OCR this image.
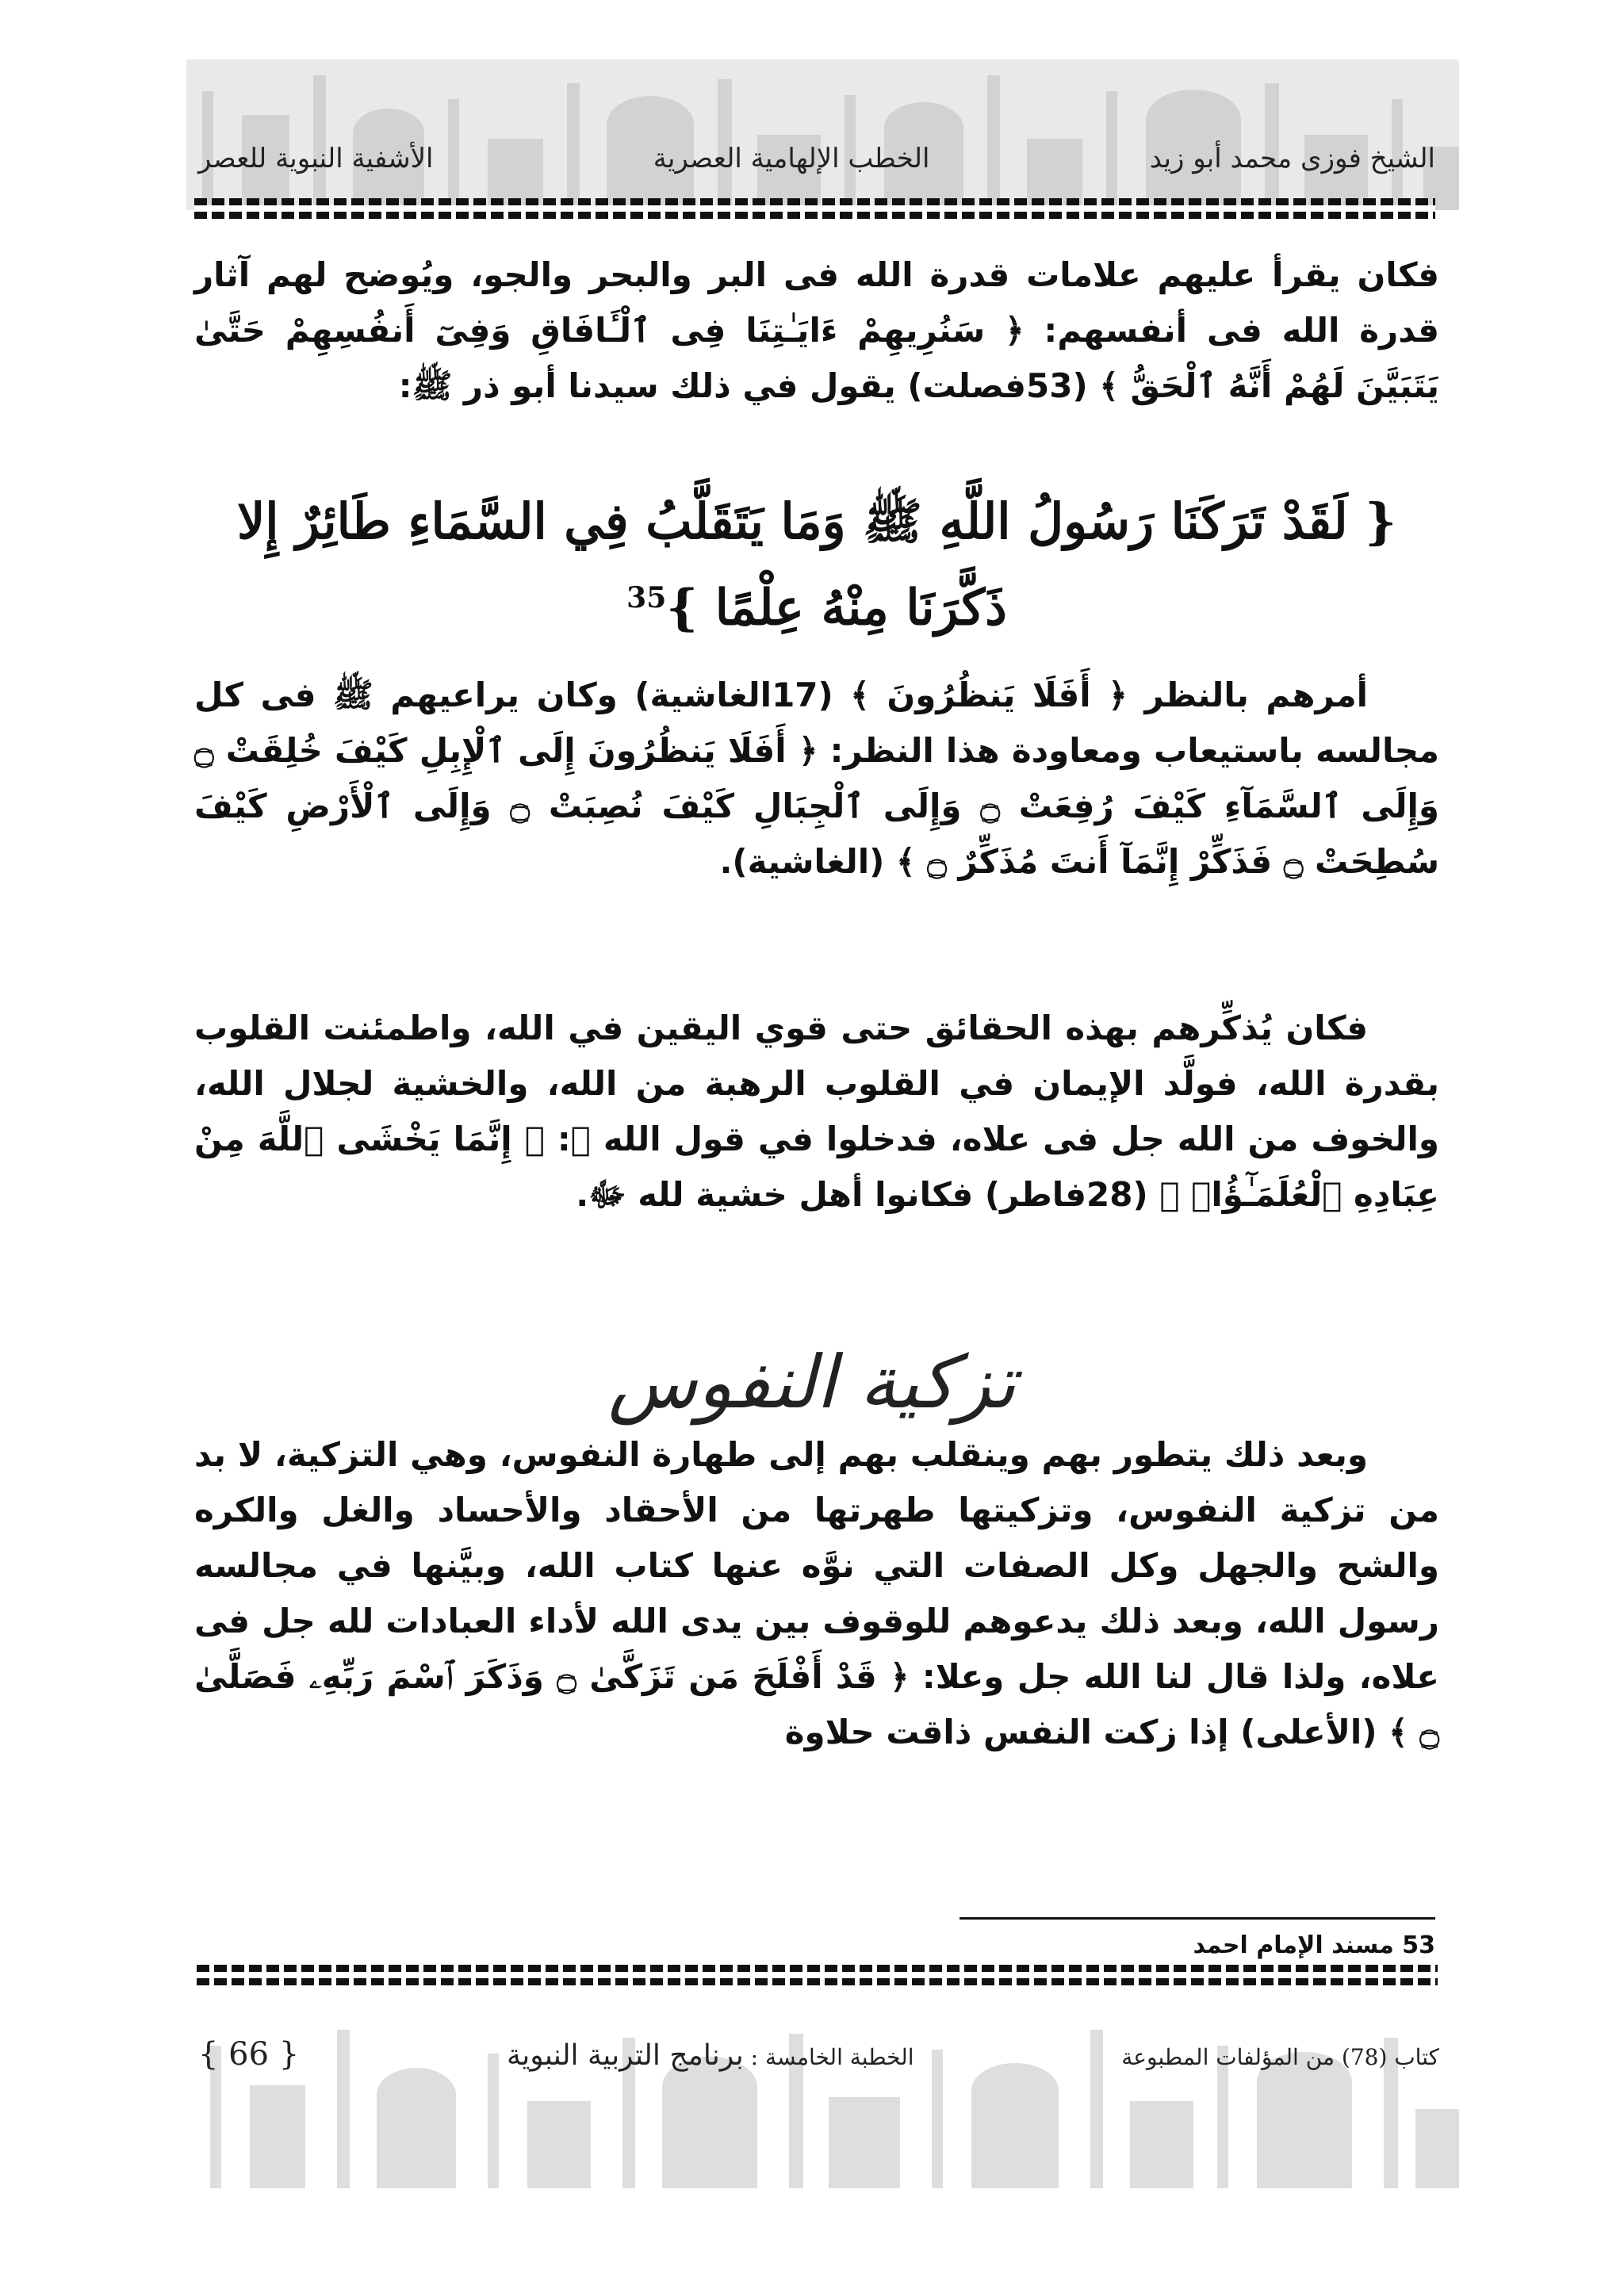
الشيخ فوزى محمد أبو زيد
الخطب الإلهامية العصرية
الأشفية النبوية للعصر
فكان يقرأ عليهم علامات قدرة الله فى البر والبحر والجو، ويُوضح لهم آثار قدرة الله فى أنفسهم: ﴿ سَنُرِيهِمْ ءَايَـٰتِنَا فِى ٱلْـَٔافَاقِ وَفِىٓ أَنفُسِهِمْ حَتَّىٰ يَتَبَيَّنَ لَهُمْ أَنَّهُ ٱلْحَقُّ ﴾ (53فصلت) يقول في ذلك سيدنا أبو ذر ﷺ:
{ لَقَدْ تَرَكَنَا رَسُولُ اللَّهِ ﷺ وَمَا يَتَقَلَّبُ فِي السَّمَاءِ طَائِرٌ إِلا ذَكَّرَنَا مِنْهُ عِلْمًا }$^{35}$
أمرهم بالنظر ﴿ أَفَلَا يَنظُرُونَ ﴾ (17الغاشية) وكان يراعيهم ﷺ فى كل مجالسه باستيعاب ومعاودة هذا النظر: ﴿ أَفَلَا يَنظُرُونَ إِلَى ٱلْإِبِلِ كَيْفَ خُلِقَتْ ۝ وَإِلَى ٱلسَّمَآءِ كَيْفَ رُفِعَتْ ۝ وَإِلَى ٱلْجِبَالِ كَيْفَ نُصِبَتْ ۝ وَإِلَى ٱلْأَرْضِ كَيْفَ سُطِحَتْ ۝ فَذَكِّرْ إِنَّمَآ أَنتَ مُذَكِّرٌ ۝ ﴾ (الغاشية).
فكان يُذكِّرهم بهذه الحقائق حتى قوي اليقين في الله، واطمئنت القلوب بقدرة الله، فولَّد الإيمان في القلوب الرهبة من الله، والخشية لجلال الله، والخوف من الله جل فى علاه، فدخلوا في قول الله ﷻ: ﴿ إِنَّمَا يَخْشَى ٱللَّهَ مِنْ عِبَادِهِ ٱلْعُلَمَـٰٓؤُا۟ ﴾ (28فاطر) فكانوا أهل خشية لله ﷻ.
تزكية النفوس
وبعد ذلك يتطور بهم وينقلب بهم إلى طهارة النفوس، وهي التزكية، لا بد من تزكية النفوس، وتزكيتها طهرتها من الأحقاد والأحساد والغل والكره والشح والجهل وكل الصفات التي نوَّه عنها كتاب الله، وبيَّنها في مجالسه رسول الله، وبعد ذلك يدعوهم للوقوف بين يدى الله لأداء العبادات لله جل فى علاه، ولذا قال لنا الله جل وعلا: ﴿ قَدْ أَفْلَحَ مَن تَزَكَّىٰ ۝ وَذَكَرَ ٱسْمَ رَبِّهِۦ فَصَلَّىٰ ۝ ﴾ (الأعلى) إذا زكت النفس ذاقت حلاوة
53 مسند الإمام احمد
كتاب (78) من المؤلفات المطبوعة
الخطبة الخامسة : برنامج التربية النبوية
{ 66 }
